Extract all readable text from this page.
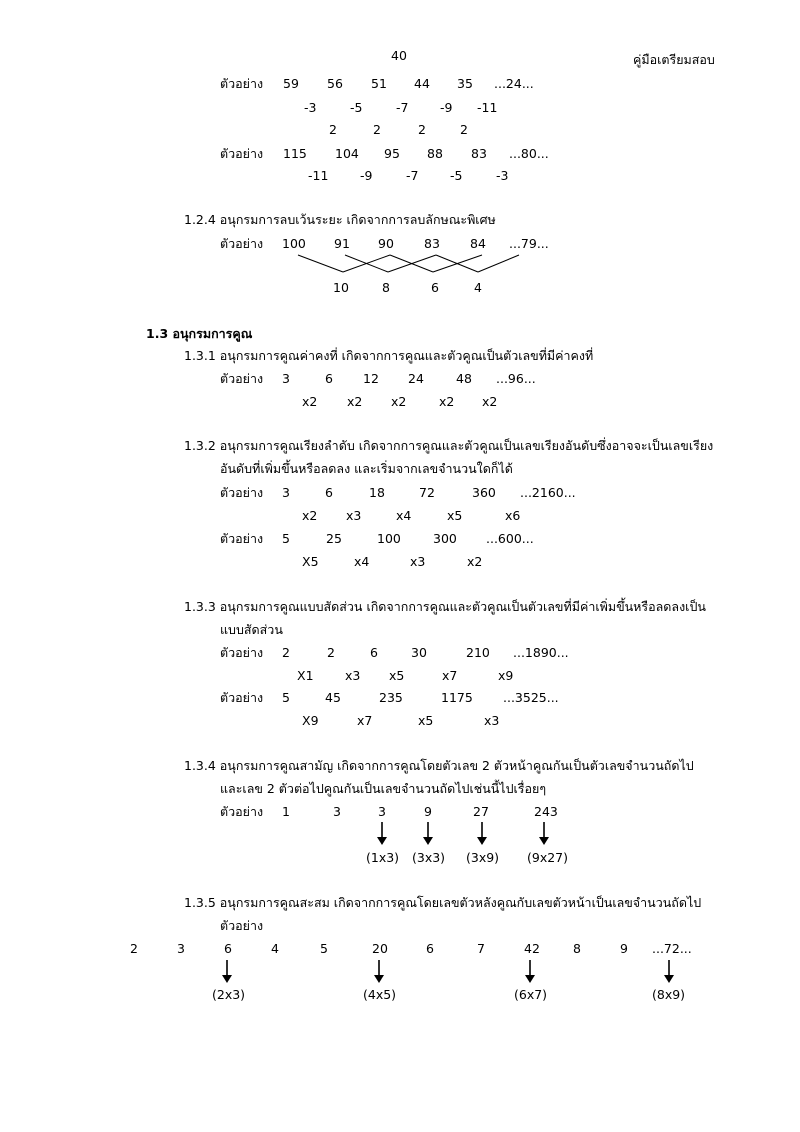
40	คู่มือเตรียมสอบ
ตัวอย่าง 59 56 51 44 35 ...24...
-3	-5	-7	-9 -11
2	2	2	2
ตัวอย่าง 115 104 95 88 83 ...80...
-11	-9	-7	-5	-3
1.2.4 อนุกรมการลบเว้นระยะ เกิดจากการลบลักษณะพิเศษ
ตัวอย่าง 100 91 90 83 84 ...79...
10	8	6	4
1.3 อนุกรมการคูณ
1.3.1 อนุกรมการคูณค่าคงที่ เกิดจากการคูณและตัวคูณเป็นตัวเลขที่มีค่าคงที่
ตัวอย่าง 3	6 12 24	48 ...96...
x2 x2 x2	x2 x2
1.3.2 อนุกรมการคูณเรียงลำดับ เกิดจากการคูณและตัวคูณเป็นเลขเรียงอันดับซึ่งอาจจะเป็นเลขเรียง
อันดับที่เพิ่มขึ้นหรือลดลง และเริ่มจากเลขจำนวนใดก็ได้
ตัวอย่าง 3	6	18	72	360 ...2160...
x2 x3	x4	x5	x6
ตัวอย่าง 5	25	100	300 ...600...
X5	x4	x3	x2
1.3.3 อนุกรมการคูณแบบสัดส่วน เกิดจากการคูณและตัวคูณเป็นตัวเลขที่มีค่าเพิ่มขึ้นหรือลดลงเป็น
แบบสัดส่วน
ตัวอย่าง 2	2	6	30	210 ...1890...
X1	x3 x5	x7	x9
ตัวอย่าง 5	45	235	1175 ...3525...
X9	x7	x5	x3
1.3.4 อนุกรมการคูณสามัญ เกิดจากการคูณโดยตัวเลข 2 ตัวหน้าคูณกันเป็นตัวเลขจำนวนถัดไป
และเลข 2 ตัวต่อไปคูณกันเป็นเลขจำนวนถัดไปเช่นนี้ไปเรื่อยๆ
ตัวอย่าง 1	3	3	9	27	243
(1x3) (3x3) (3x9) (9x27)
1.3.5 อนุกรมการคูณสะสม เกิดจากการคูณโดยเลขตัวหลังคูณกับเลขตัวหน้าเป็นเลขจำนวนถัดไป
ตัวอย่าง
2	3	6	4	5	20	6	7	42	8	9 ...72...
(2x3)	(4x5)	(6x7)	(8x9)
